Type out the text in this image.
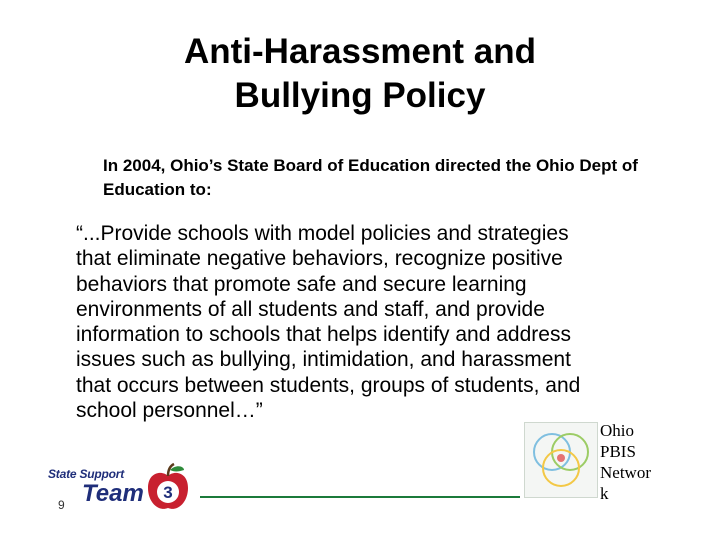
Anti-Harassment and
Bullying Policy
In 2004, Ohio’s State Board of Education directed the Ohio Dept of Education to:
“...Provide schools with model policies and strategies
that eliminate negative behaviors, recognize positive
behaviors that promote safe and secure learning
environments of all students and staff, and provide
information to schools that helps identify and address
issues such as bullying, intimidation, and harassment
that occurs between students, groups of students, and
school personnel…”
State Support
Team 3
9
Ohio
PBIS
Networ
k
